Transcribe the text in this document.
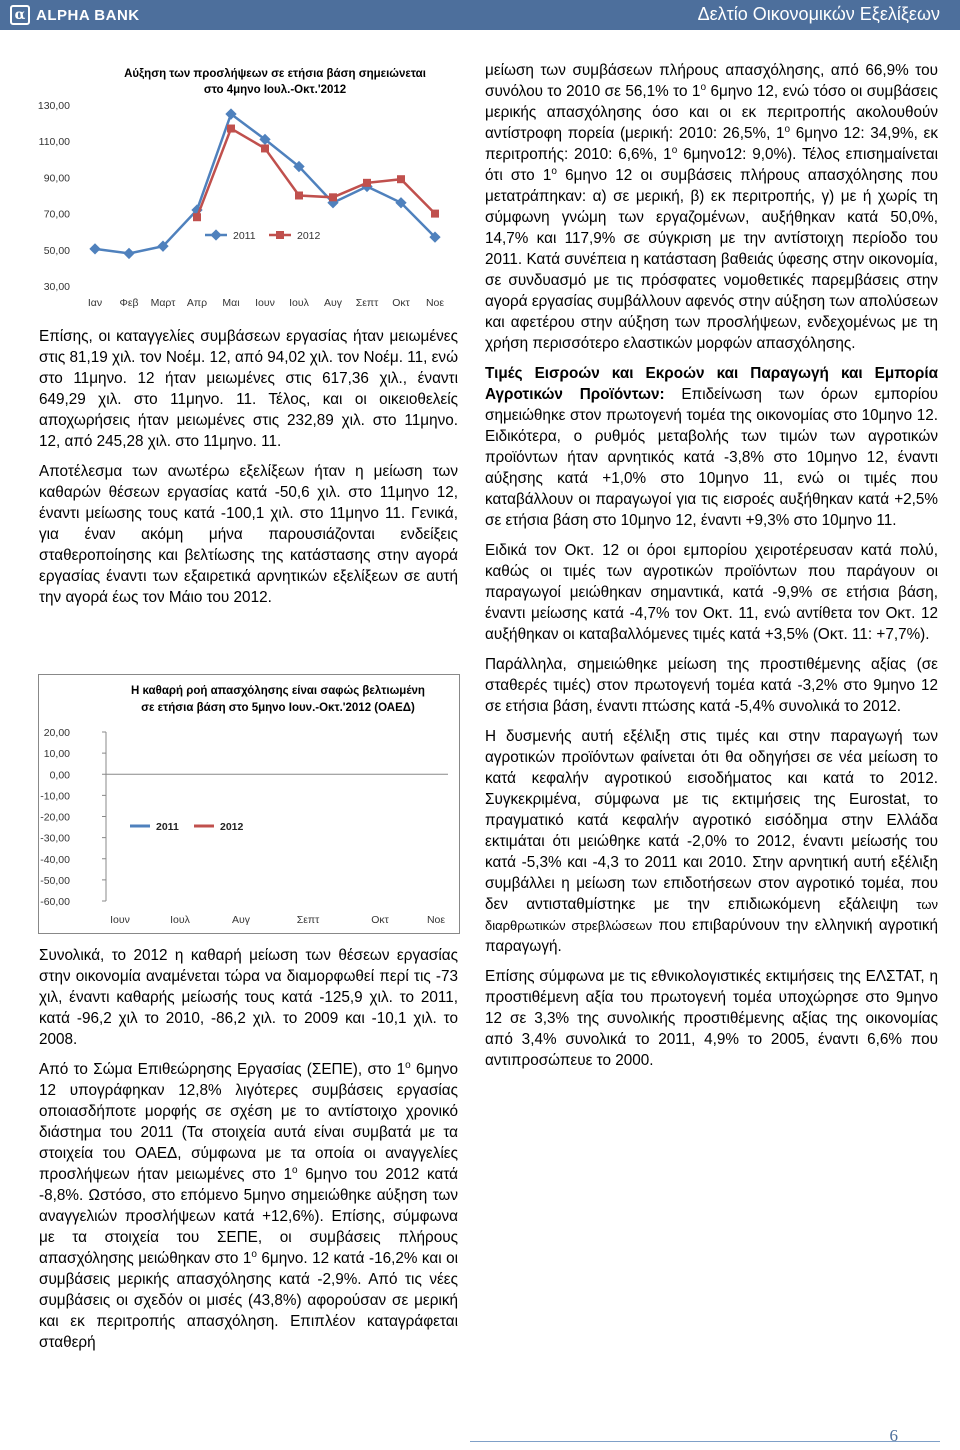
α ALPHA BANK	Δελτίο Οικονομικών Εξελίξεων
Αύξηση των προσλήψεων σε ετήσια βάση σημειώνεται
στο 4μηνο Ιουλ.-Οκτ.'2012
130,00
110,00
90,00
70,00
50,00
30,00
Ιαν Φεβ Μαρτ Απρ Μαι Ιουν Ιουλ Αυγ Σεπτ Οκτ Νοε
2011	2012

Επίσης, οι καταγγελίες συμβάσεων εργασίας ήταν μειωμένες στις 81,19 χιλ. τον Νοέμ. 12, από 94,02 χιλ. τον Νοέμ. 11, ενώ στο 11μηνο. 12 ήταν μειωμένες στις 617,36 χιλ., έναντι 649,29 χιλ. στο 11μηνο. 11. Τέλος, και οι οικειοθελείς αποχωρήσεις ήταν μειωμένες στις 232,89 χιλ. στο 11μηνο. 12, από 245,28 χιλ. στο 11μηνο. 11.

Αποτέλεσμα των ανωτέρω εξελίξεων ήταν η μείωση των καθαρών θέσεων εργασίας κατά -50,6 χιλ. στο 11μηνο 12, έναντι μείωσης τους κατά -100,1 χιλ. στο 11μηνο 11. Γενικά, για έναν ακόμη μήνα παρουσιάζονται ενδείξεις σταθεροποίησης και βελτίωσης της κατάστασης στην αγορά εργασίας έναντι των εξαιρετικά αρνητικών εξελίξεων σε αυτή την αγορά έως τον Μάιο του 2012.

Η καθαρή ροή απασχόλησης είναι σαφώς βελτιωμένη
σε ετήσια βάση στο 5μηνο Ιουν.-Οκτ.'2012 (ΟΑΕΔ)
20,00
10,00
0,00
-10,00
-20,00
-30,00
-40,00
-50,00
-60,00
Ιουν	Ιουλ	Αυγ	Σεπτ	Οκτ	Νοε
2011	2012

Συνολικά, το 2012 η καθαρή μείωση των θέσεων εργασίας στην οικονομία αναμένεται τώρα να διαμορφωθεί περί τις -73 χιλ, έναντι καθαρής μείωσής τους κατά -125,9 χιλ. το 2011, κατά -96,2 χιλ το 2010, -86,2 χιλ. το 2009 και -10,1 χιλ. το 2008.

Από το Σώμα Επιθεώρησης Εργασίας (ΣΕΠΕ), στο $1^o$ 6μηνο 12 υπογράφηκαν 12,8% λιγότερες συμβάσεις εργασίας οποιασδήποτε μορφής σε σχέση με το αντίστοιχο χρονικό διάστημα του 2011 (Τα στοιχεία αυτά είναι συμβατά με τα στοιχεία του ΟΑΕΔ, σύμφωνα με τα οποία οι αναγγελίες προσλήψεων ήταν μειωμένες στο $1^o$ 6μηνο του 2012 κατά -8,8%. Ωστόσο, στο επόμενο 5μηνο σημειώθηκε αύξηση των αναγγελιών προσλήψεων κατά +12,6%). Επίσης, σύμφωνα με τα στοιχεία του ΣΕΠΕ, οι συμβάσεις πλήρους απασχόλησης μειώθηκαν στο $1^o$ 6μηνο. 12 κατά -16,2% και οι συμβάσεις μερικής απασχόλησης κατά -2,9%. Από τις νέες συμβάσεις οι σχεδόν οι μισές (43,8%) αφορούσαν σε μερική και εκ περιτροπής απασχόληση. Επιπλέον καταγράφεται σταθερή

μείωση των συμβάσεων πλήρους απασχόλησης, από 66,9% του συνόλου το 2010 σε 56,1% το $1^o$ 6μηνο 12, ενώ τόσο οι συμβάσεις μερικής απασχόλησης όσο και οι εκ περιτροπής ακολουθούν αντίστροφη πορεία (μερική: 2010: 26,5%, $1^o$ 6μηνο 12: 34,9%, εκ περιτροπής: 2010: 6,6%, $1^o$ 6μηνο12: 9,0%). Τέλος επισημαίνεται ότι στο $1^o$ 6μηνο 12 οι συμβάσεις πλήρους απασχόλησης που μετατράπηκαν: α) σε μερική, β) εκ περιτροπής, γ) με ή χωρίς τη σύμφωνη γνώμη των εργαζομένων, αυξήθηκαν κατά 50,0%, 14,7% και 117,9% σε σύγκριση με την αντίστοιχη περίοδο του 2011. Κατά συνέπεια η κατάσταση βαθειάς ύφεσης στην οικονομία, σε συνδυασμό με τις πρόσφατες νομοθετικές παρεμβάσεις στην αγορά εργασίας συμβάλλουν αφενός στην αύξηση των απολύσεων και αφετέρου στην αύξηση των προσλήψεων, ενδεχομένως με τη χρήση περισσότερο ελαστικών μορφών απασχόλησης.

Τιμές Εισροών και Εκροών και Παραγωγή και Εμπορία Αγροτικών Προϊόντων: Επιδείνωση των όρων εμπορίου σημειώθηκε στον πρωτογενή τομέα της οικονομίας στο 10μηνο 12. Ειδικότερα, ο ρυθμός μεταβολής των τιμών των αγροτικών προϊόντων ήταν αρνητικός κατά -3,8% στο 10μηνο 12, έναντι αύξησης κατά +1,0% στο 10μηνο 11, ενώ οι τιμές που καταβάλλουν οι παραγωγοί για τις εισροές αυξήθηκαν κατά +2,5% σε ετήσια βάση στο 10μηνο 12, έναντι +9,3% στο 10μηνο 11.

Ειδικά τον Οκτ. 12 οι όροι εμπορίου χειροτέρευσαν κατά πολύ, καθώς οι τιμές των αγροτικών προϊόντων που παράγουν οι παραγωγοί μειώθηκαν σημαντικά, κατά -9,9% σε ετήσια βάση, έναντι μείωσης κατά -4,7% τον Οκτ. 11, ενώ αντίθετα τον Οκτ. 12 αυξήθηκαν οι καταβαλλόμενες τιμές κατά +3,5% (Οκτ. 11: +7,7%).

Παράλληλα, σημειώθηκε μείωση της προστιθέμενης αξίας (σε σταθερές τιμές) στον πρωτογενή τομέα κατά -3,2% στο 9μηνο 12 σε ετήσια βάση, έναντι πτώσης κατά -5,4% συνολικά το 2012.

Η δυσμενής αυτή εξέλιξη στις τιμές και στην παραγωγή των αγροτικών προϊόντων φαίνεται ότι θα οδηγήσει σε νέα μείωση το κατά κεφαλήν αγροτικού εισοδήματος και κατά το 2012. Συγκεκριμένα, σύμφωνα με τις εκτιμήσεις της Eurostat, το πραγματικό κατά κεφαλήν αγροτικό εισόδημα στην Ελλάδα εκτιμάται ότι μειώθηκε κατά -2,0% το 2012, έναντι μείωσής του κατά -5,3% και -4,3 το 2011 και 2010. Στην αρνητική αυτή εξέλιξη συμβάλλει η μείωση των επιδοτήσεων στον αγροτικό τομέα, που δεν αντισταθμίστηκε με την επιδιωκόμενη εξάλειψη των διαρθρωτικών στρεβλώσεων που επιβαρύνουν την ελληνική αγροτική παραγωγή.

Επίσης σύμφωνα με τις εθνικολογιστικές εκτιμήσεις της ΕΛΣΤΑΤ, η προστιθέμενη αξία του πρωτογενή τομέα υποχώρησε στο 9μηνο 12 σε 3,3% της συνολικής προστιθέμενης αξίας της οικονομίας από 3,4% συνολικά το 2011, 4,9% το 2005, έναντι 6,6% που αντιπροσώπευε το 2000.

6
